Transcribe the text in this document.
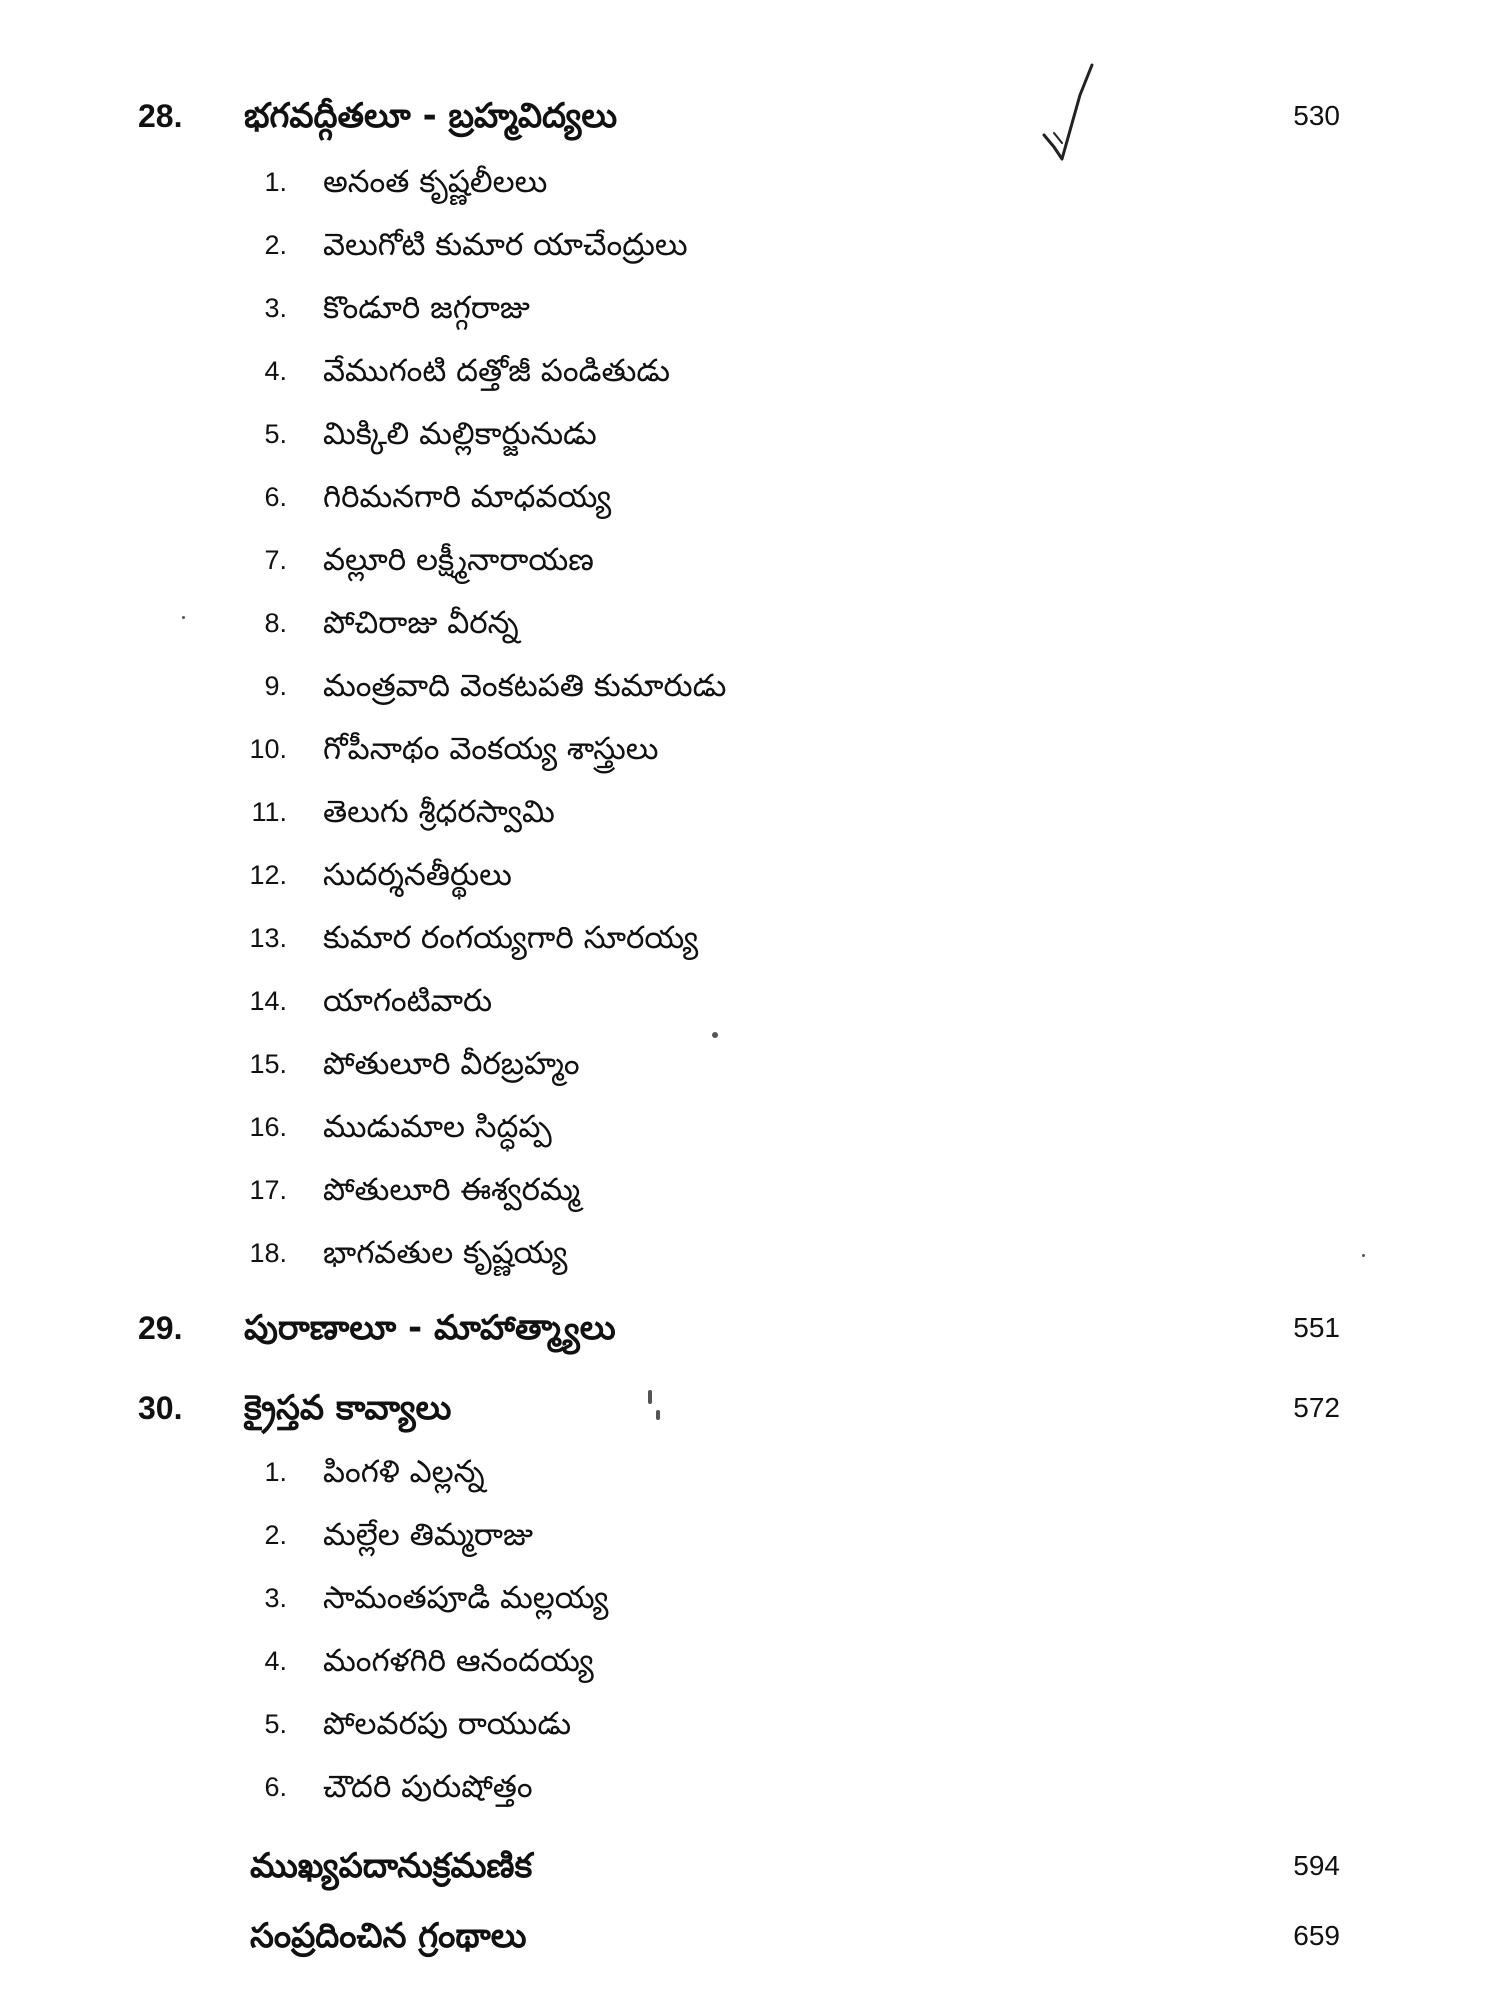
28. భగవద్గీతలూ - బ్రహ్మవిద్యలు	530
1. అనంత కృష్ణలీలలు
2. వెలుగోటి కుమార యాచేంద్రులు
3. కొండూరి జగ్గరాజు
4. వేముగంటి దత్తోజీ పండితుడు
5. మిక్కిలి మల్లికార్జునుడు
6. గిరిమనగారి మాధవయ్య
7. వల్లూరి లక్ష్మీనారాయణ
8. పోచిరాజు వీరన్న
9. మంత్రవాది వెంకటపతి కుమారుడు
10. గోపీనాథం వెంకయ్య శాస్త్రులు
11. తెలుగు శ్రీధరస్వామి
12. సుదర్శనతీర్థులు
13. కుమార రంగయ్యగారి సూరయ్య
14. యాగంటివారు
15. పోతులూరి వీరబ్రహ్మం
16. ముడుమాల సిద్ధప్ప
17. పోతులూరి ఈశ్వరమ్మ
18. భాగవతుల కృష్ణయ్య
29. పురాణాలూ - మాహాత్మ్యాలు	551
30. క్రైస్తవ కావ్యాలు	572
1. పింగళి ఎల్లన్న
2. మల్లేల తిమ్మరాజు
3. సామంతపూడి మల్లయ్య
4. మంగళగిరి ఆనందయ్య
5. పోలవరపు రాయుడు
6. చౌదరి పురుషోత్తం
ముఖ్యపదానుక్రమణిక	594
సంప్రదించిన గ్రంథాలు	659
